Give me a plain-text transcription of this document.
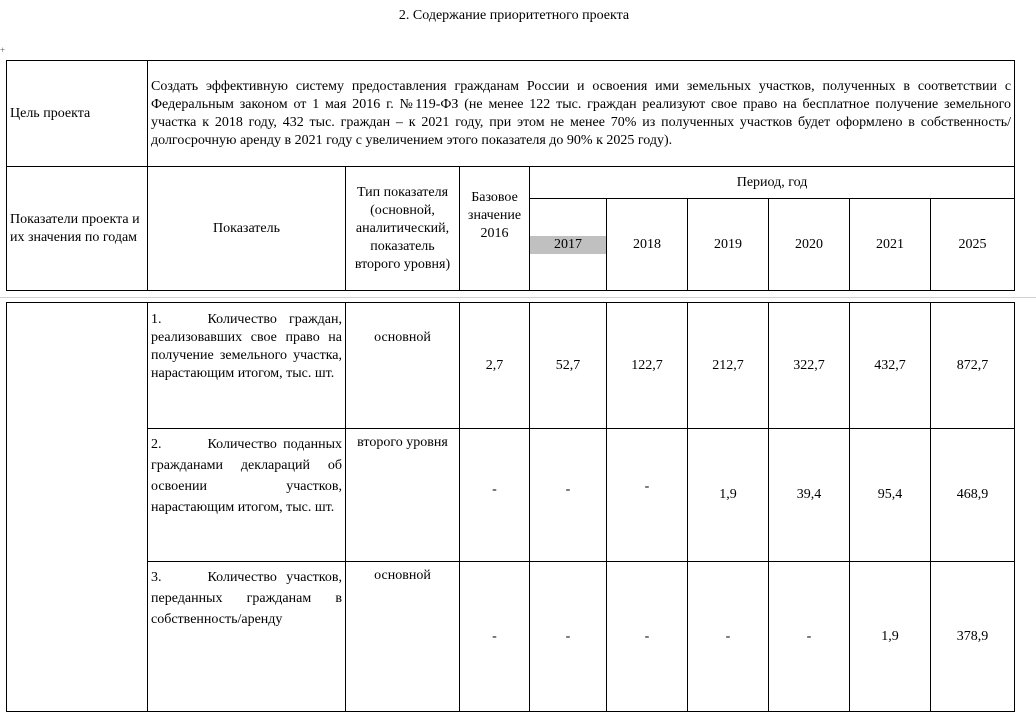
2. Содержание приоритетного проекта
+
Цель проекта	Создать эффективную систему предоставления гражданам России и освоения ими земельных участков, полученных в соответствии с Федеральным законом от 1 мая 2016 г. №119-ФЗ (не менее 122 тыс. граждан реализуют свое право на бесплатное получение земельного участка к 2018 году, 432 тыс. граждан – к 2021 году, при этом не менее 70% из полученных участков будет оформлено в собственность/долгосрочную аренду в 2021 году с увеличением этого показателя до 90% к 2025 году).								
Показатели проекта и их значения по годам	Показатель	Тип показателя (основной, аналитический, показатель второго уровня)	Базовое значение 2016	Период, год					

				2017	2018	2019	2020	2021	2025
	1. Количество граждан, реализовавших свое право на получение земельного участка, нарастающим итогом, тыс. шт.	основной	2,7	52,7	122,7	212,7	322,7	432,7	872,7
	2. Количество поданных гражданами деклараций об освоении участков, нарастающим итогом, тыс. шт.	второго уровня	-	-	-	1,9	39,4	95,4	468,9
	3. Количество участков, переданных гражданам в собственность/аренду	основной	-	-	-	-	-	1,9	378,9
